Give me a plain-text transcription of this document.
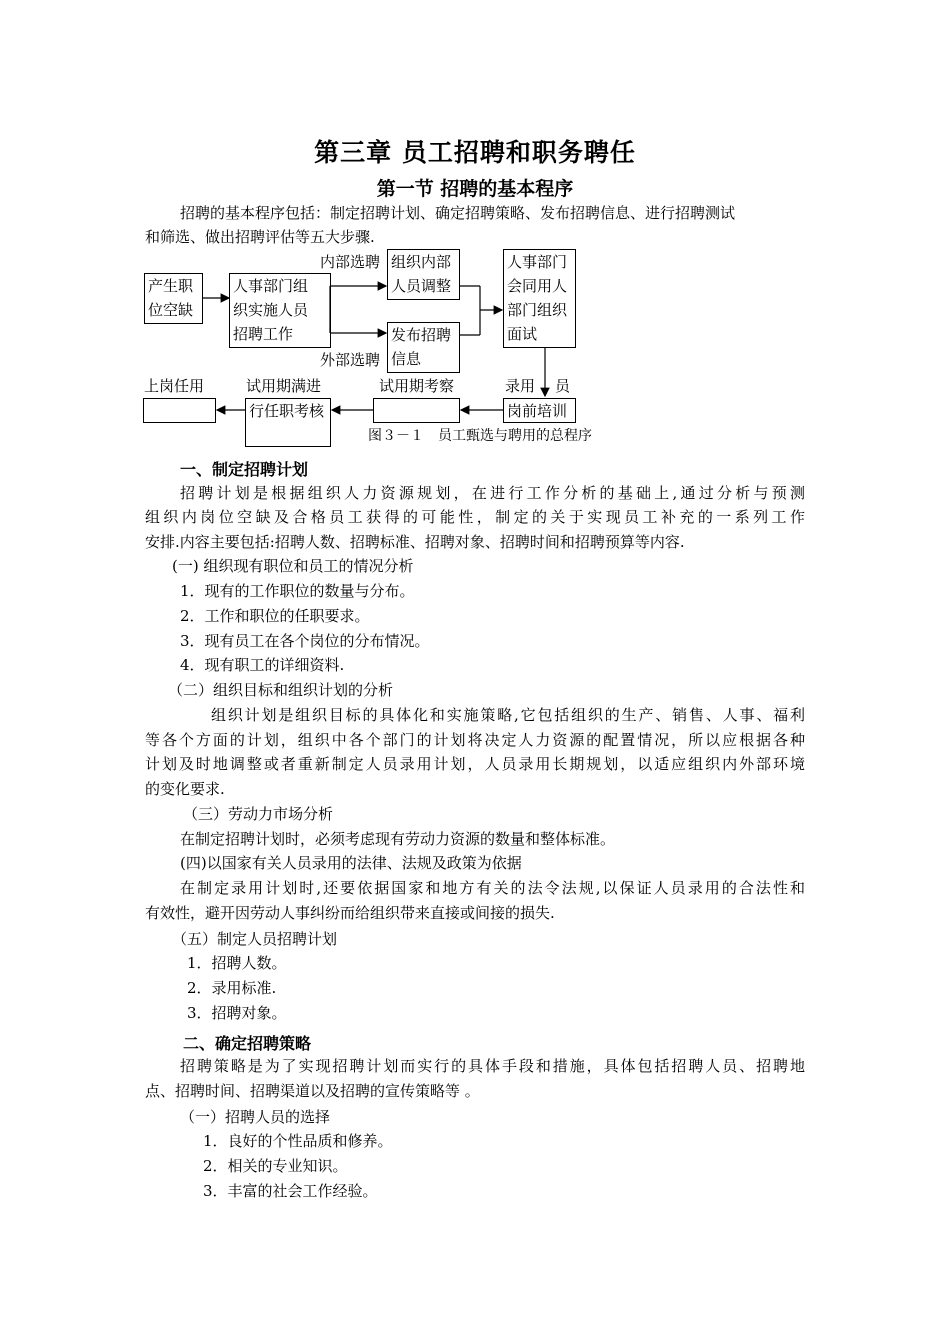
第三章 员工招聘和职务聘任
第一节 招聘的基本程序
招聘的基本程序包括：制定招聘计划、确定招聘策略、发布招聘信息、进行招聘测试
和筛选、做出招聘评估等五大步骤.
产生职
位空缺
人事部门组
织实施人员
招聘工作
内部选聘 组织内部
人员调整
发布招聘
信息
外部选聘
人事部门
会同用人
部门组织
面试
上岗任用	试用期满进
行任职考核
试用期考察	录用 员
岗前培训
图３－１　员工甄选与聘用的总程序
一、制定招聘计划
招聘计划是根据组织人力资源规划，在进行工作分析的基础上,通过分析与预测
组织内岗位空缺及合格员工获得的可能性，制定的关于实现员工补充的一系列工作
安排.内容主要包括:招聘人数、招聘标准、招聘对象、招聘时间和招聘预算等内容.
(一) 组织现有职位和员工的情况分析
1．现有的工作职位的数量与分布。
2．工作和职位的任职要求。
3．现有员工在各个岗位的分布情况。
4．现有职工的详细资料.
（二）组织目标和组织计划的分析
组织计划是组织目标的具体化和实施策略,它包括组织的生产、销售、人事、福利
等各个方面的计划，组织中各个部门的计划将决定人力资源的配置情况，所以应根据各种
计划及时地调整或者重新制定人员录用计划，人员录用长期规划，以适应组织内外部环境
的变化要求.
（三）劳动力市场分析
在制定招聘计划时，必须考虑现有劳动力资源的数量和整体标准。
(四)以国家有关人员录用的法律、法规及政策为依据
在制定录用计划时,还要依据国家和地方有关的法令法规,以保证人员录用的合法性和
有效性，避开因劳动人事纠纷而给组织带来直接或间接的损失.
（五）制定人员招聘计划
1．招聘人数。
2．录用标准.
3．招聘对象。
二、确定招聘策略
招聘策略是为了实现招聘计划而实行的具体手段和措施，具体包括招聘人员、招聘地
点、招聘时间、招聘渠道以及招聘的宣传策略等 。
（一）招聘人员的选择
1．良好的个性品质和修养。
2．相关的专业知识。
3．丰富的社会工作经验。
